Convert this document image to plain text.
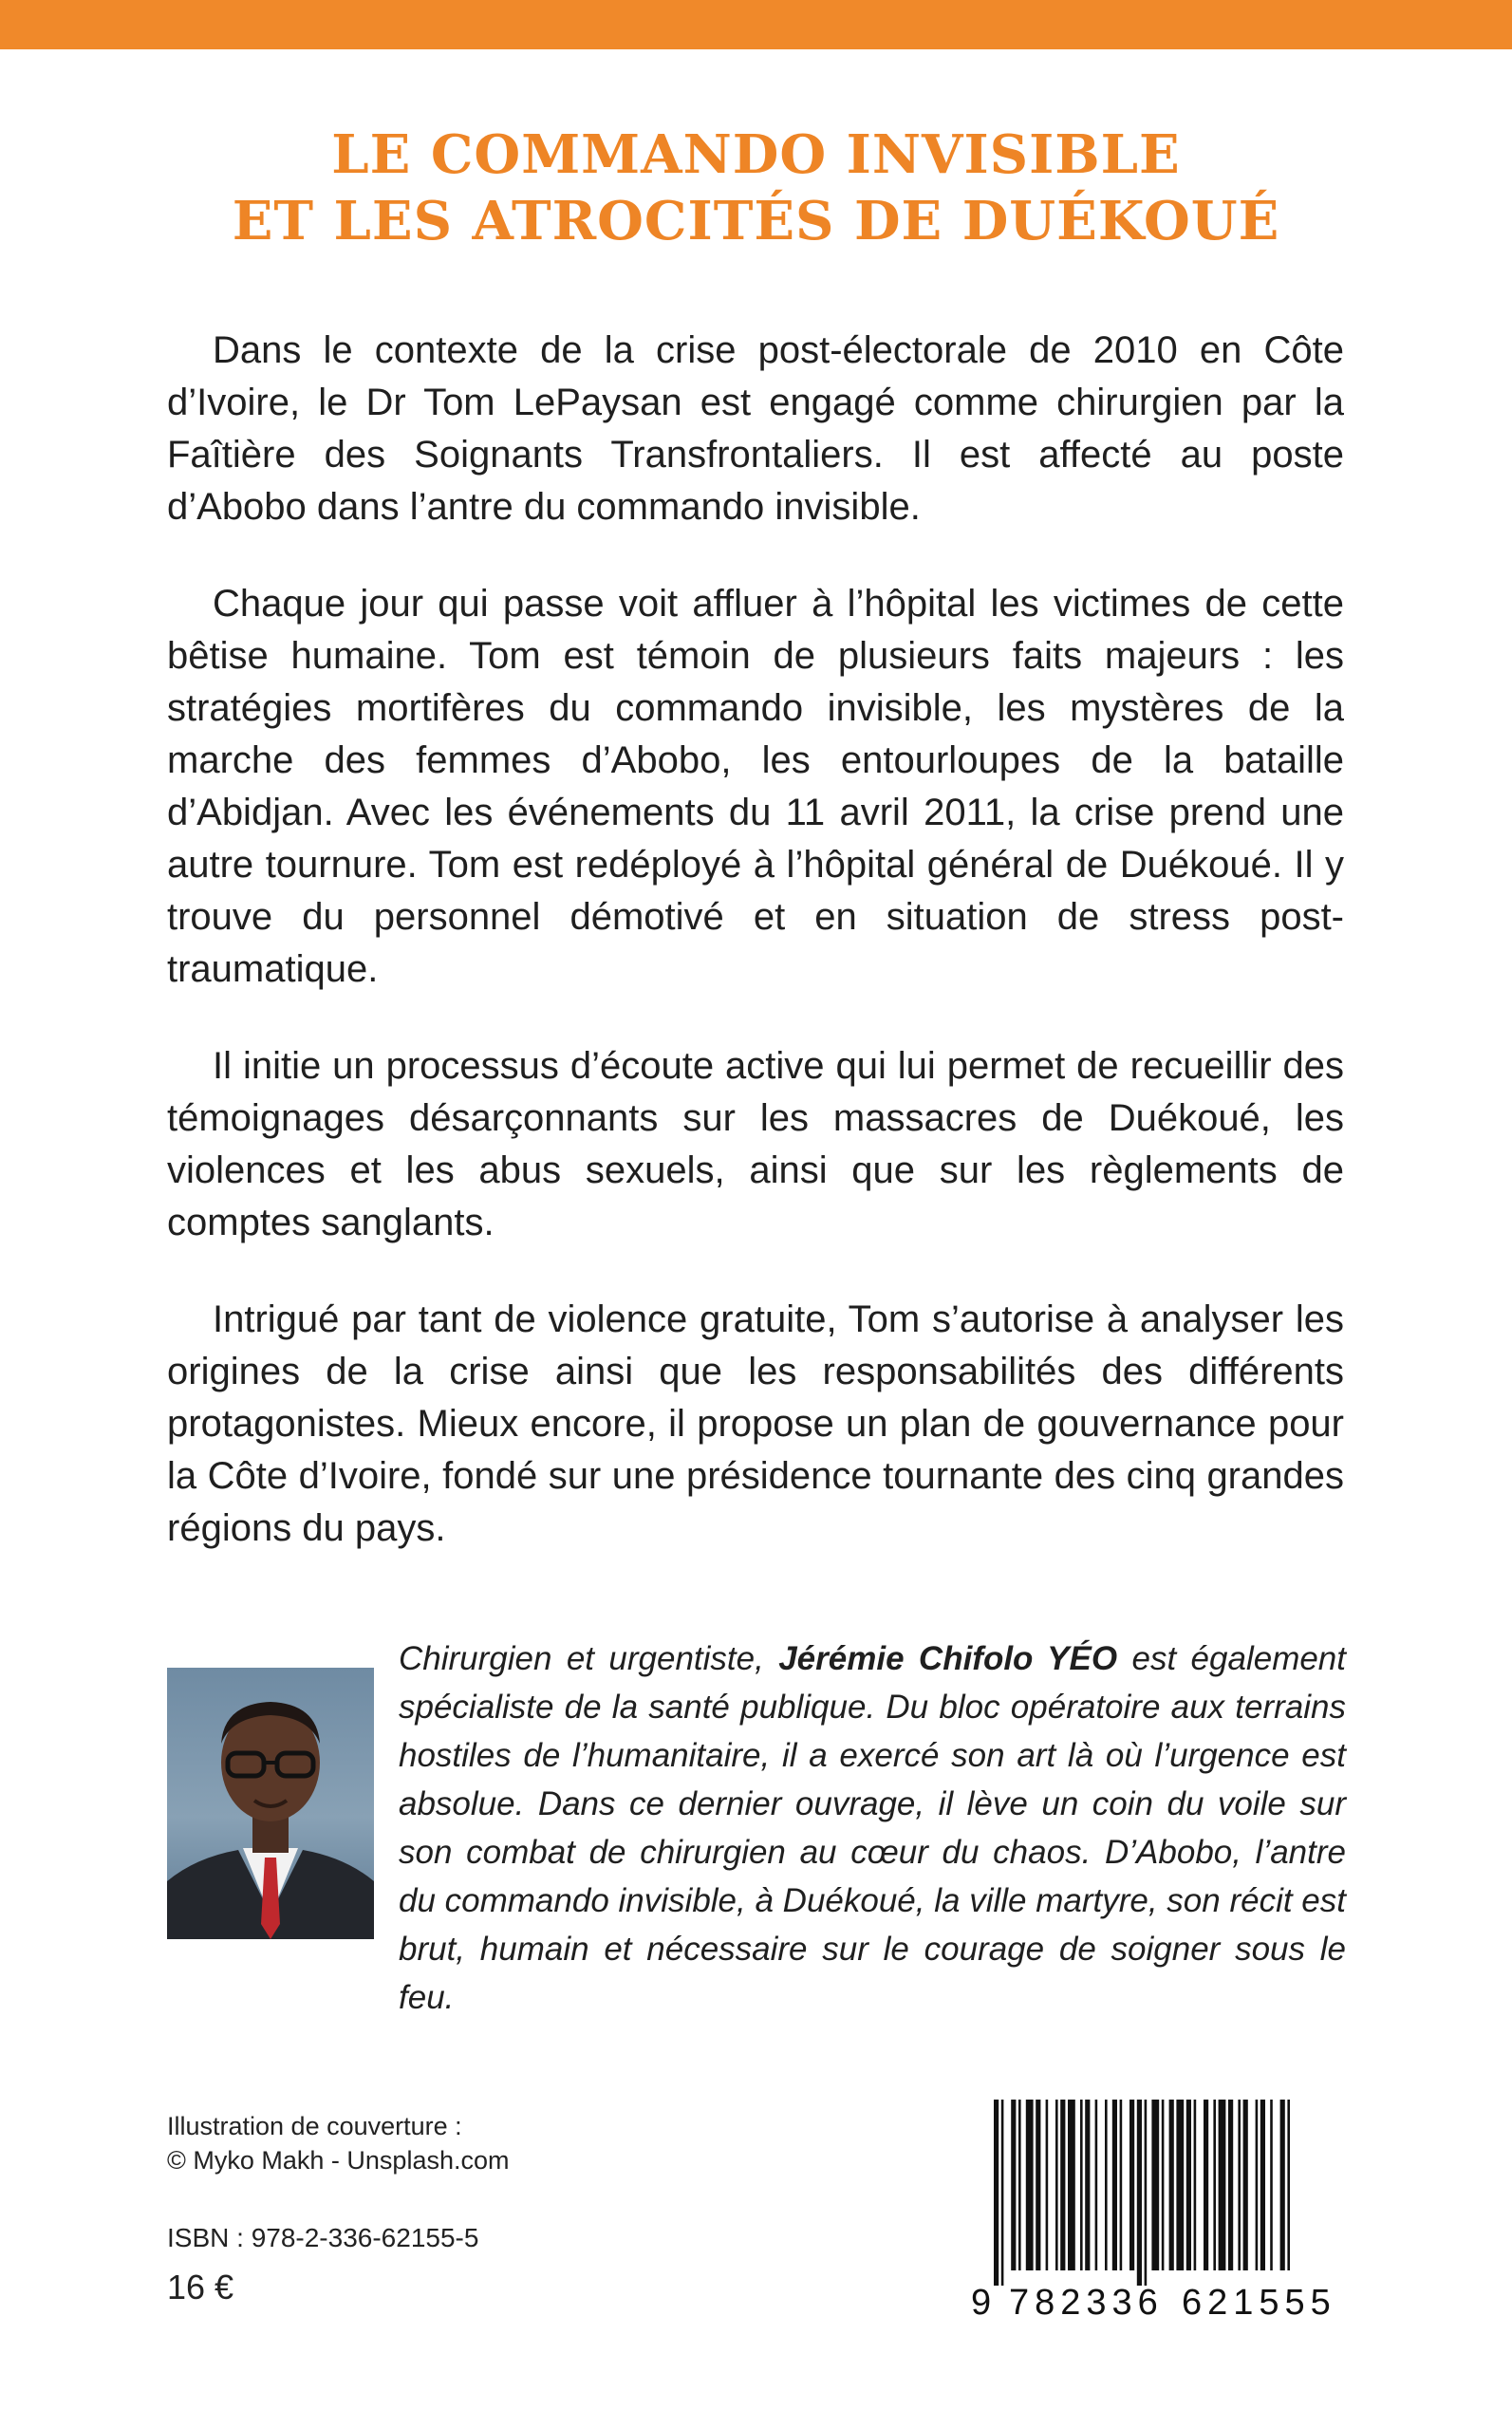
LE COMMANDO INVISIBLE
ET LES ATROCITÉS DE DUÉKOUÉ

Dans le contexte de la crise post-électorale de 2010 en Côte d’Ivoire, le Dr Tom LePaysan est engagé comme chirurgien par la Faîtière des Soignants Transfrontaliers. Il est affecté au poste d’Abobo dans l’antre du commando invisible.

Chaque jour qui passe voit affluer à l’hôpital les victimes de cette bêtise humaine. Tom est témoin de plusieurs faits majeurs : les stratégies mortifères du commando invisible, les mystères de la marche des femmes d’Abobo, les entourloupes de la bataille d’Abidjan. Avec les événements du 11 avril 2011, la crise prend une autre tournure. Tom est redéployé à l’hôpital général de Duékoué. Il y trouve du personnel démotivé et en situation de stress post-traumatique.

Il initie un processus d’écoute active qui lui permet de recueillir des témoignages désarçonnants sur les massacres de Duékoué, les violences et les abus sexuels, ainsi que sur les règlements de comptes sanglants.

Intrigué par tant de violence gratuite, Tom s’autorise à analyser les origines de la crise ainsi que les responsabilités des différents protagonistes. Mieux encore, il propose un plan de gouvernance pour la Côte d’Ivoire, fondé sur une présidence tournante des cinq grandes régions du pays.

Chirurgien et urgentiste, Jérémie Chifolo YÉO est également spécialiste de la santé publique. Du bloc opératoire aux terrains hostiles de l’humanitaire, il a exercé son art là où l’urgence est absolue. Dans ce dernier ouvrage, il lève un coin du voile sur son combat de chirurgien au cœur du chaos. D’Abobo, l’antre du commando invisible, à Duékoué, la ville martyre, son récit est brut, humain et nécessaire sur le courage de soigner sous le feu.
Illustration de couverture :
© Myko Makh - Unsplash.com
ISBN : 978-2-336-62155-5
16 €	9 782336 621555
